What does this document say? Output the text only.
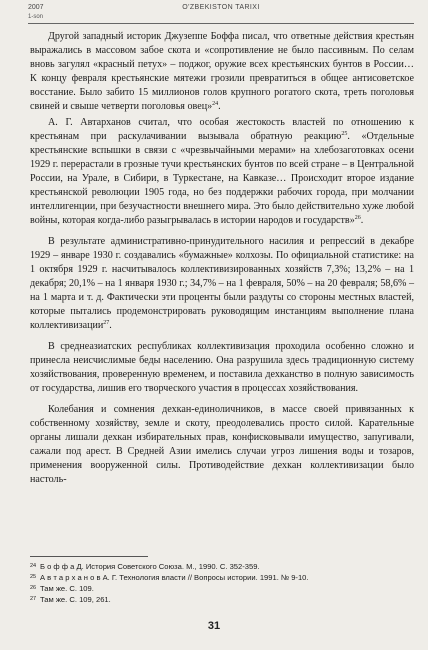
2007
1-son
O'ZBEKISTON TARIXI

Другой западный историк Джузеппе Боффа писал, что ответные действия крестьян выражались в массовом забое скота и «сопротивление не было пассивным. По селам вновь загулял «красный петух» – поджог, оружие всех крестьянских бунтов в России… К концу февраля крестьянские мятежи грозили превратиться в общее антисоветское восстание. Было забито 15 миллионов голов крупного рогатого скота, треть поголовья свиней и свыше четверти поголовья овец»$^{24}$.

А. Г. Автарханов считал, что особая жестокость властей по отношению к крестьянам при раскулачивании вызывала обратную реакцию$^{25}$. «Отдельные крестьянские вспышки в связи с «чрезвычайными мерами» на хлебозаготовках осени 1929 г. перерастали в грозные тучи крестьянских бунтов по всей стране – в Центральной России, на Урале, в Сибири, в Туркестане, на Кавказе… Происходит второе издание крестьянской революции 1905 года, но без поддержки рабочих города, при молчании интеллигенции, при безучастности внешнего мира. Это было действительно хуже любой войны, которая когда-либо разыгрывалась в истории народов и государств»$^{26}$.

В результате административно-принудительного насилия и репрессий в декабре 1929 – январе 1930 г. создавались «бумажные» колхозы. По официальной статистике: на 1 октября 1929 г. насчитывалось коллективизированных хозяйств 7,3%; 13,2% – на 1 декабря; 20,1% – на 1 января 1930 г.; 34,7% – на 1 февраля, 50% – на 20 февраля; 58,6% – на 1 марта и т. д. Фактически эти проценты были раздуты со стороны местных властей, которые пытались продемонстрировать руководящим инстанциям выполнение плана коллективизации$^{27}$.

В среднеазиатских республиках коллективизация проходила особенно сложно и принесла неисчислимые беды населению. Она разрушила здесь традиционную систему хозяйствования, проверенную временем, и поставила дехканство в полную зависимость от государства, лишив его творческого участия в процессах хозяйствования.

Колебания и сомнения дехкан-единоличников, в массе своей привязанных к собственному хозяйству, земле и скоту, преодолевались просто силой. Карательные органы лишали дехкан избирательных прав, конфисковывали имущество, запугивали, сажали под арест. В Средней Азии имелись случаи угроз лишения воды и тозаров, применения вооруженной силы. Противодействие дехкан коллективизации было настоль-

24 Б о ф ф а Д. История Советского Союза. М., 1990. С. 352-359.
25 А в т а р х а н о в А. Г. Технология власти // Вопросы истории. 1991. № 9-10.
26 Там же. С. 109.
27 Там же. С. 109, 261.
31
